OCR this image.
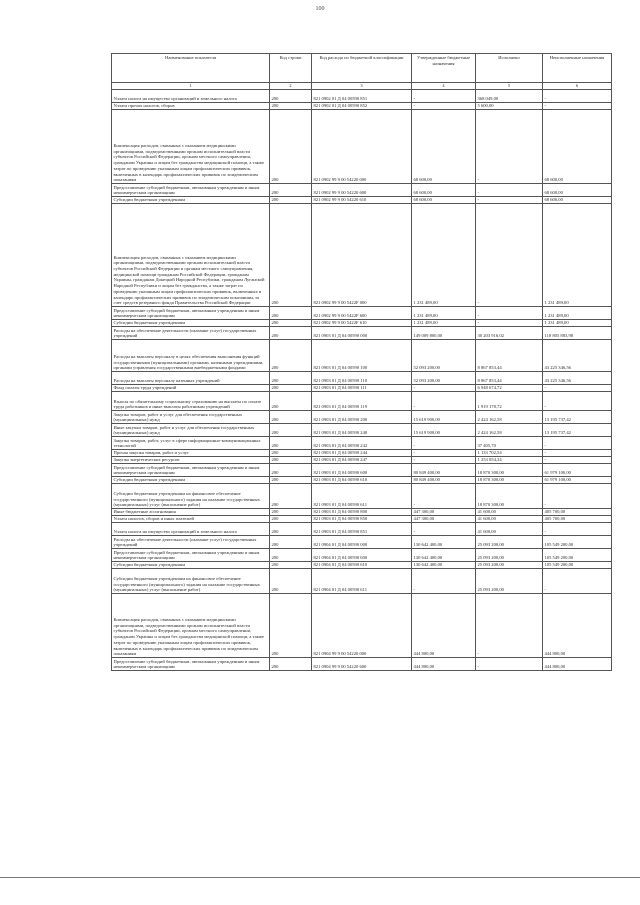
100
Наименование показателя	Код строки	Код расхода по бюджетной классификации	Утвержденные бюджетные назначения	Исполнено	Неисполненные назначения
1	2	3	4	5	6
Уплата налога на имущество организаций и земельного налога	200	821 0902 01 Д 04 00590 851	-	368 049,00	-
Уплата прочих налогов, сборов	200	821 0902 01 Д 04 00590 852	-	5 600,00	-
Компенсация расходов, связанных с оказанием медицинскими организациями, подведомственными органам исполнительной власти субъектов Российской Федерации, органам местного самоуправления, гражданам Украины и лицам без гражданства медицинской помощи, а также затрат по проведению указанным лицам профилактических прививок, включенных в календарь профилактических прививок по эпидемическим показаниям	200	821 0902 99 9 00 54220 000	68 600,00	-	68 600,00
Предоставление субсидий бюджетным, автономным учреждениям и иным некоммерческим организациям	200	821 0902 99 9 00 54220 600	68 600,00	-	68 600,00
Субсидии бюджетным учреждениям	200	821 0902 99 9 00 54220 610	68 600,00	-	68 600,00
Компенсация расходов, связанных с оказанием медицинскими организациями, подведомственными органам исполнительной власти субъектов Российской Федерации и органам местного самоуправления, медицинской помощи гражданам Российской Федерации, гражданам Украины, гражданам Донецкой Народной Республики, гражданам Луганской Народной Республики и лицам без гражданства, а также затрат по проведению указанным лицам профилактических прививок, включенных в календарь профилактических прививок по эпидемическим показаниям, за счет средств резервного фонда Правительства Российской Федерации	200	821 0902 99 9 00 5422F 000	1 231 489,00	-	1 231 489,00
Предоставление субсидий бюджетным, автономным учреждениям и иным некоммерческим организациям	200	821 0902 99 9 00 5422F 600	1 231 489,00	-	1 231 489,00
Субсидии бюджетным учреждениям	200	821 0902 99 9 00 5422F 610	1 231 489,00	-	1 231 489,00
Расходы на обеспечение деятельности (оказание услуг) государственных учреждений	200	821 0903 01 Д 04 00590 000	149 009 800,00	30 203 916,02	118 805 883,98
Расходы на выплаты персоналу в целях обеспечения выполнения функций государственными (муниципальными) органами, казенными учреждениями, органами управления государственными внебюджетными фондами	200	821 0903 01 Д 04 00590 100	52 093 200,00	8 867 853,44	43 225 346,56
Расходы на выплаты персоналу казенных учреждений	200	821 0903 01 Д 04 00590 110	52 093 200,00	8 867 853,44	43 225 346,56
Фонд оплаты труда учреждений	200	821 0903 01 Д 04 00590 111	-	6 948 674,72	-
Взносы по обязательному социальному страхованию на выплаты по оплате труда работников и иные выплаты работникам учреждений	200	821 0903 01 Д 04 00590 119	-	1 919 178,72	-
Закупка товаров, работ и услуг для обеспечения государственных (муниципальных) нужд	200	821 0903 01 Д 04 00590 200	15 619 900,00	2 424 162,58	13 195 737,42
Иные закупки товаров, работ и услуг для обеспечения государственных (муниципальных) нужд	200	821 0903 01 Д 04 00590 240	15 619 900,00	2 424 162,58	13 195 737,42
Закупка товаров, работ, услуг в сфере информационно-коммуникационных технологий	200	821 0903 01 Д 04 00590 242	-	37 405,70	-
Прочая закупка товаров, работ и услуг	200	821 0903 01 Д 04 00590 244	-	1 133 702,54	-
Закупка энергетических ресурсов	200	821 0903 01 Д 04 00590 247	-	1 253 054,34	-
Предоставление субсидий бюджетным, автономным учреждениям и иным некоммерческим организациям	200	821 0903 01 Д 04 00590 600	80 849 400,00	18 870 300,00	61 979 100,00
Субсидии бюджетным учреждениям	200	821 0903 01 Д 04 00590 610	80 849 400,00	18 870 300,00	61 979 100,00
Субсидии бюджетным учреждениям на финансовое обеспечение государственного (муниципального) задания на оказание государственных (муниципальных) услуг (выполнение работ)	200	821 0903 01 Д 04 00590 611	-	18 870 300,00	-
Иные бюджетные ассигнования	200	821 0903 01 Д 04 00590 800	447 300,00	41 600,00	405 700,00
Уплата налогов, сборов и иных платежей	200	821 0903 01 Д 04 00590 850	447 300,00	41 600,00	405 700,00
Уплата налога на имущество организаций и земельного налога	200	821 0903 01 Д 04 00590 851	-	41 600,00	-
Расходы на обеспечение деятельности (оказание услуг) государственных учреждений	200	821 0904 01 Д 04 00590 000	130 642 400,00	25 093 200,00	105 549 200,00
Предоставление субсидий бюджетным, автономным учреждениям и иным некоммерческим организациям	200	821 0904 01 Д 04 00590 600	130 642 400,00	25 093 200,00	105 549 200,00
Субсидии бюджетным учреждениям	200	821 0904 01 Д 04 00590 610	130 642 400,00	25 093 200,00	105 549 200,00
Субсидии бюджетным учреждениям на финансовое обеспечение государственного (муниципального) задания на оказание государственных (муниципальных) услуг (выполнение работ)	200	821 0904 01 Д 04 00590 611	-	25 093 200,00	-
Компенсация расходов, связанных с оказанием медицинскими организациями, подведомственными органам исполнительной власти субъектов Российской Федерации, органам местного самоуправления, гражданам Украины и лицам без гражданства медицинской помощи, а также затрат по проведению указанным лицам профилактических прививок, включенных в календарь профилактических прививок по эпидемическим показаниям	200	821 0904 99 9 00 54220 000	444 800,00	-	444 800,00
Предоставление субсидий бюджетным, автономным учреждениям и иным некоммерческим организациям	200	821 0904 99 9 00 54220 600	444 800,00	-	444 800,00
